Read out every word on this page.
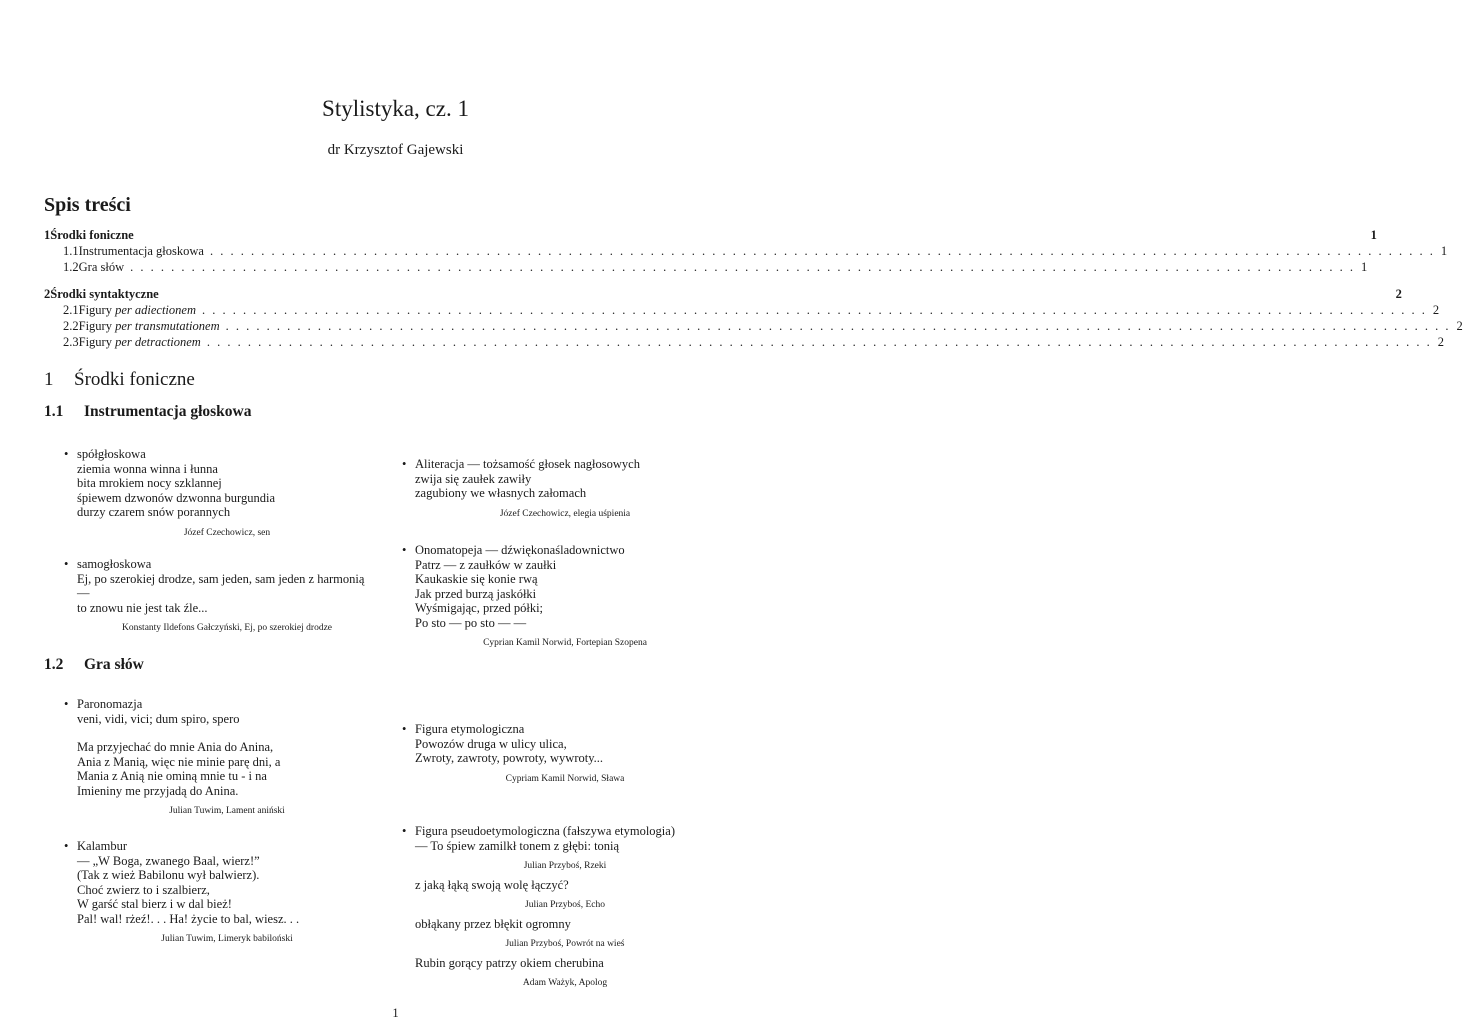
Stylistyka, cz. 1
dr Krzysztof Gajewski
Spis treści
1 Środki foniczne	1
1.1 Instrumentacja głoskowa . . . . . . . . . . . . . . . . . . . . . . . . . . . . . . . . . . . . . . . . . . . . . . . . . . . . . . . . . . . . . . . . . . . . . . . . . . . . . . . . . . . . . . . . . . . . . . . . . . . . . . . . . . . . . . . . . . . . . . . . 1
1.2 Gra słów . . . . . . . . . . . . . . . . . . . . . . . . . . . . . . . . . . . . . . . . . . . . . . . . . . . . . . . . . . . . . . . . . . . . . . . . . . . . . . . . . . . . . . . . . . . . . . . . . . . . . . . . . . . . . . . . . . . . . . . . 1
2 Środki syntaktyczne	2
2.1 Figury per adiectionem . . . . . . . . . . . . . . . . . . . . . . . . . . . . . . . . . . . . . . . . . . . . . . . . . . . . . . . . . . . . . . . . . . . . . . . . . . . . . . . . . . . . . . . . . . . . . . . . . . . . . . . . . . . . . . . . . . . . . . . . 2
2.2 Figury per transmutationem . . . . . . . . . . . . . . . . . . . . . . . . . . . . . . . . . . . . . . . . . . . . . . . . . . . . . . . . . . . . . . . . . . . . . . . . . . . . . . . . . . . . . . . . . . . . . . . . . . . . . . . . . . . . . . . . . . . . . . . . 2
2.3 Figury per detractionem . . . . . . . . . . . . . . . . . . . . . . . . . . . . . . . . . . . . . . . . . . . . . . . . . . . . . . . . . . . . . . . . . . . . . . . . . . . . . . . . . . . . . . . . . . . . . . . . . . . . . . . . . . . . . . . . . . . . . . . . 2
1 Środki foniczne
1.1 Instrumentacja głoskowa
1.2 Gra słów
• spółgłoskowa
ziemia wonna winna i łunna
bita mrokiem nocy szklannej
śpiewem dzwonów dzwonna burgundia
durzy czarem snów porannych
Józef Czechowicz, sen
• samogłoskowa
Ej, po szerokiej drodze, sam jeden, sam jeden z harmonią
—
to znowu nie jest tak źle...
Konstanty Ildefons Gałczyński, Ej, po szerokiej drodze
• Aliteracja — tożsamość głosek nagłosowych
zwija się zaułek zawiły
zagubiony we własnych załomach
Józef Czechowicz, elegia uśpienia
• Onomatopeja — dźwiękonaśladownictwo
Patrz — z zaułków w zaułki
Kaukaskie się konie rwą
Jak przed burzą jaskółki
Wyśmigając, przed półki;
Po sto — po sto — —
Cyprian Kamil Norwid, Fortepian Szopena
• Paronomazja
veni, vidi, vici; dum spiro, spero
Ma przyjechać do mnie Ania do Anina,
Ania z Manią, więc nie minie parę dni, a
Mania z Anią nie ominą mnie tu - i na
Imieniny me przyjadą do Anina.
Julian Tuwim, Lament aniński
• Kalambur
— „W Boga, zwanego Baal, wierz!”
(Tak z wież Babilonu wył balwierz).
Choć zwierz to i szalbierz,
W garść stal bierz i w dal bież!
Pal! wal! rżeź!. . . Ha! życie to bal, wiesz. . .
Julian Tuwim, Limeryk babiloński
• Figura etymologiczna
Powozów druga w ulicy ulica,
Zwroty, zawroty, powroty, wywroty...
Cypriam Kamil Norwid, Sława
• Figura pseudoetymologiczna (fałszywa etymologia)
— To śpiew zamilkł tonem z głębi: tonią
Julian Przyboś, Rzeki
z jaką łąką swoją wolę łączyć?
Julian Przyboś, Echo
obłąkany przez błękit ogromny
Julian Przyboś, Powrót na wieś
Rubin gorący patrzy okiem cherubina
Adam Ważyk, Apolog
1
